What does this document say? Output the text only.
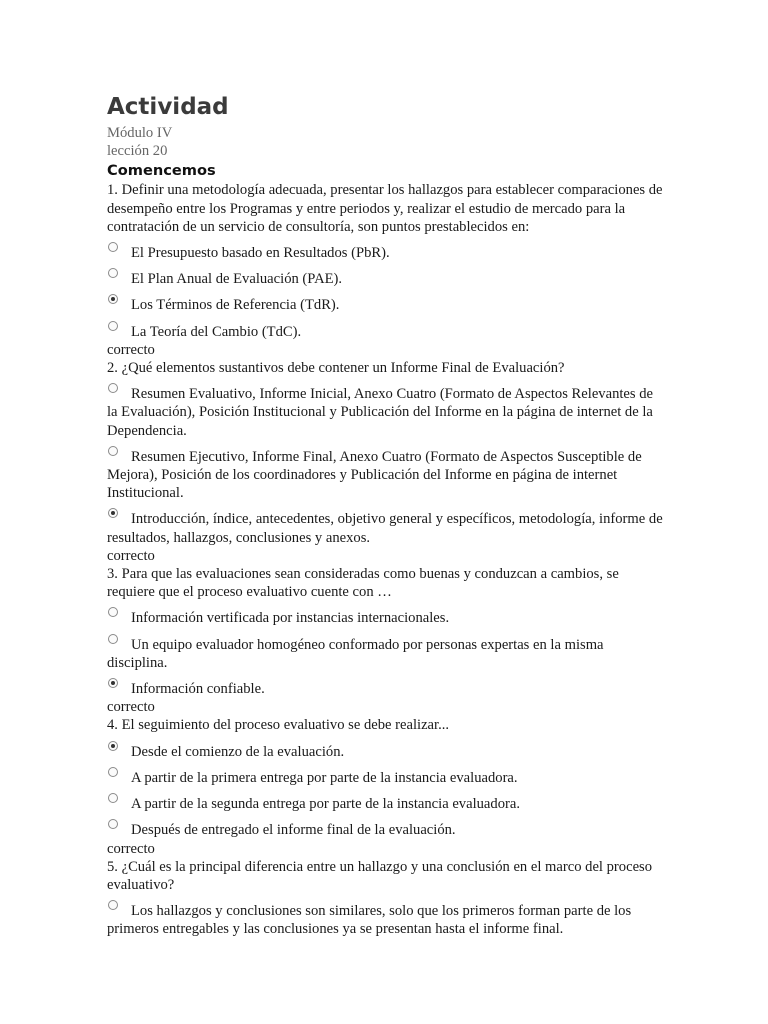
Actividad
Módulo IV
lección 20
Comencemos

1. Definir una metodología adecuada, presentar los hallazgos para establecer comparaciones de desempeño entre los Programas y entre periodos y, realizar el estudio de mercado para la contratación de un servicio de consultoría, son puntos prestablecidos en:

El Presupuesto basado en Resultados (PbR).
El Plan Anual de Evaluación (PAE).
Los Términos de Referencia (TdR).
La Teoría del Cambio (TdC).
correcto

2. ¿Qué elementos sustantivos debe contener un Informe Final de Evaluación?

Resumen Evaluativo, Informe Inicial, Anexo Cuatro (Formato de Aspectos Relevantes de la Evaluación), Posición Institucional y Publicación del Informe en la página de internet de la Dependencia.
Resumen Ejecutivo, Informe Final, Anexo Cuatro (Formato de Aspectos Susceptible de Mejora), Posición de los coordinadores y Publicación del Informe en página de internet Institucional.
Introducción, índice, antecedentes, objetivo general y específicos, metodología, informe de resultados, hallazgos, conclusiones y anexos.
correcto

3. Para que las evaluaciones sean consideradas como buenas y conduzcan a cambios, se requiere que el proceso evaluativo cuente con …

Información vertificada por instancias internacionales.
Un equipo evaluador homogéneo conformado por personas expertas en la misma disciplina.
Información confiable.
correcto

4. El seguimiento del proceso evaluativo se debe realizar...

Desde el comienzo de la evaluación.
A partir de la primera entrega por parte de la instancia evaluadora.
A partir de la segunda entrega por parte de la instancia evaluadora.
Después de entregado el informe final de la evaluación.
correcto

5. ¿Cuál es la principal diferencia entre un hallazgo y una conclusión en el marco del proceso evaluativo?

Los hallazgos y conclusiones son similares, solo que los primeros forman parte de los primeros entregables y las conclusiones ya se presentan hasta el informe final.
